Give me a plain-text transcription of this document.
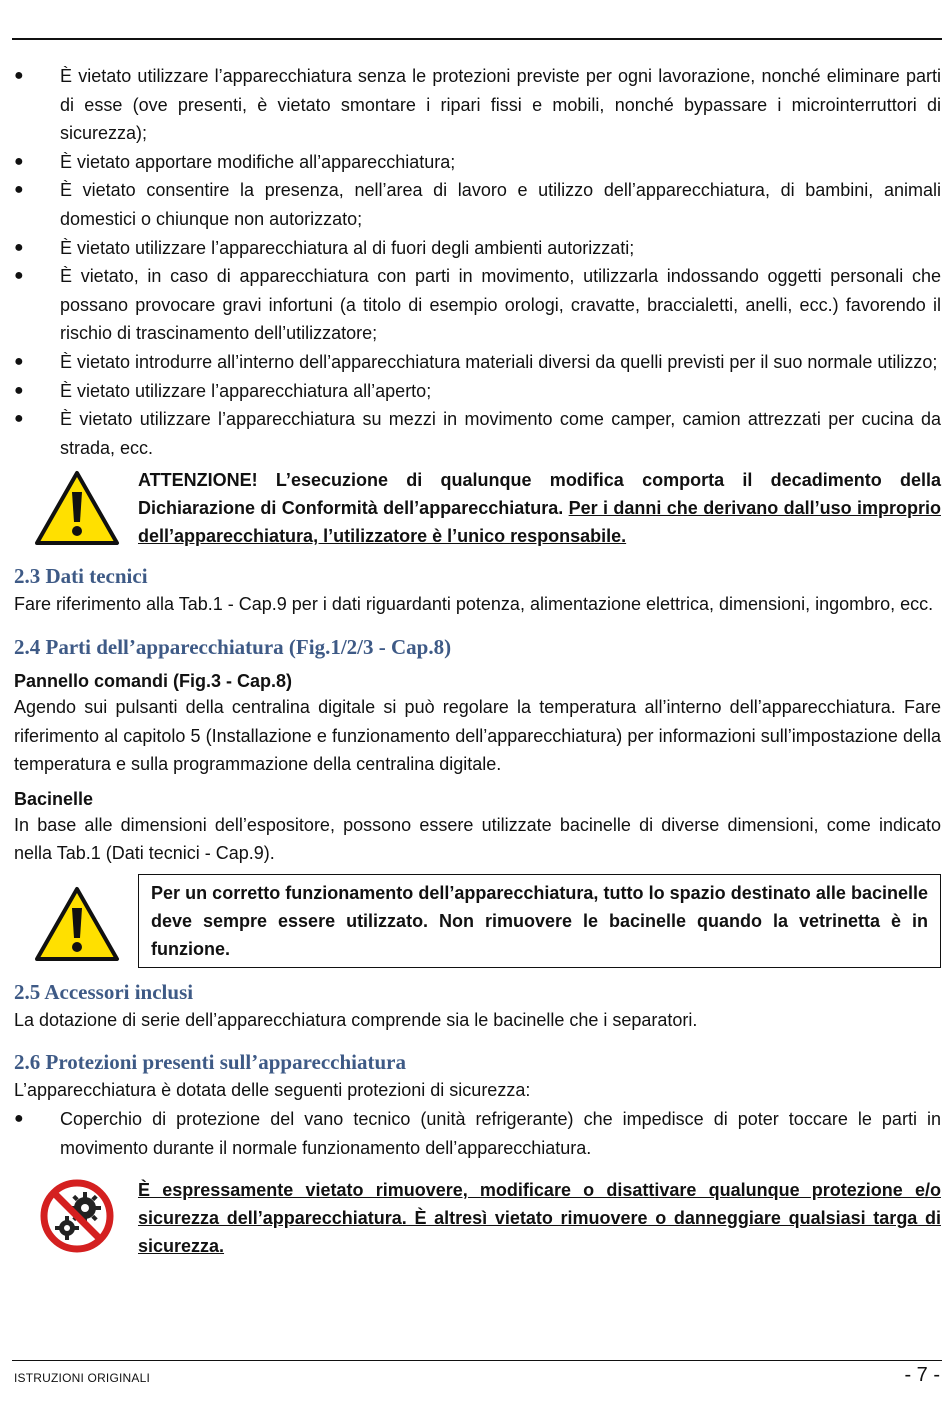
● È vietato utilizzare l’apparecchiatura senza le protezioni previste per ogni lavorazione, nonché eliminare parti di esse (ove presenti, è vietato smontare i ripari fissi e mobili, nonché bypassare i microinterruttori di sicurezza);
● È vietato apportare modifiche all’apparecchiatura;
● È vietato consentire la presenza, nell’area di lavoro e utilizzo dell’apparecchiatura, di bambini, animali domestici o chiunque non autorizzato;
● È vietato utilizzare l’apparecchiatura al di fuori degli ambienti autorizzati;
● È vietato, in caso di apparecchiatura con parti in movimento, utilizzarla indossando oggetti personali che possano provocare gravi infortuni (a titolo di esempio orologi, cravatte, braccialetti, anelli, ecc.) favorendo il rischio di trascinamento dell’utilizzatore;
● È vietato introdurre all’interno dell’apparecchiatura materiali diversi da quelli previsti per il suo normale utilizzo;
● È vietato utilizzare l’apparecchiatura all’aperto;
● È vietato utilizzare l’apparecchiatura su mezzi in movimento come camper, camion attrezzati per cucina da strada, ecc.
ATTENZIONE! L’esecuzione di qualunque modifica comporta il decadimento della Dichiarazione di Conformità dell’apparecchiatura. Per i danni che derivano dall’uso improprio dell’apparecchiatura, l’utilizzatore è l’unico responsabile.
2.3 Dati tecnici

Fare riferimento alla Tab.1 - Cap.9 per i dati riguardanti potenza, alimentazione elettrica, dimensioni, ingombro, ecc.

2.4 Parti dell’apparecchiatura (Fig.1/2/3 - Cap.8)
Pannello comandi (Fig.3 - Cap.8)

Agendo sui pulsanti della centralina digitale si può regolare la temperatura all’interno dell’apparecchiatura. Fare riferimento al capitolo 5 (Installazione e funzionamento dell’apparecchiatura) per informazioni sull’impostazione della temperatura e sulla programmazione della centralina digitale.

Bacinelle

In base alle dimensioni dell’espositore, possono essere utilizzate bacinelle di diverse dimensioni, come indicato nella Tab.1 (Dati tecnici - Cap.9).

Per un corretto funzionamento dell’apparecchiatura, tutto lo spazio destinato alle bacinelle deve sempre essere utilizzato. Non rimuovere le bacinelle quando la vetrinetta è in funzione.
2.5 Accessori inclusi

La dotazione di serie dell’apparecchiatura comprende sia le bacinelle che i separatori.

2.6 Protezioni presenti sull’apparecchiatura

L’apparecchiatura è dotata delle seguenti protezioni di sicurezza:

● Coperchio di protezione del vano tecnico (unità refrigerante) che impedisce di poter toccare le parti in movimento durante il normale funzionamento dell’apparecchiatura.
È espressamente vietato rimuovere, modificare o disattivare qualunque protezione e/o sicurezza dell’apparecchiatura. È altresì vietato rimuovere o danneggiare qualsiasi targa di sicurezza.
ISTRUZIONI ORIGINALI	- 7 -
